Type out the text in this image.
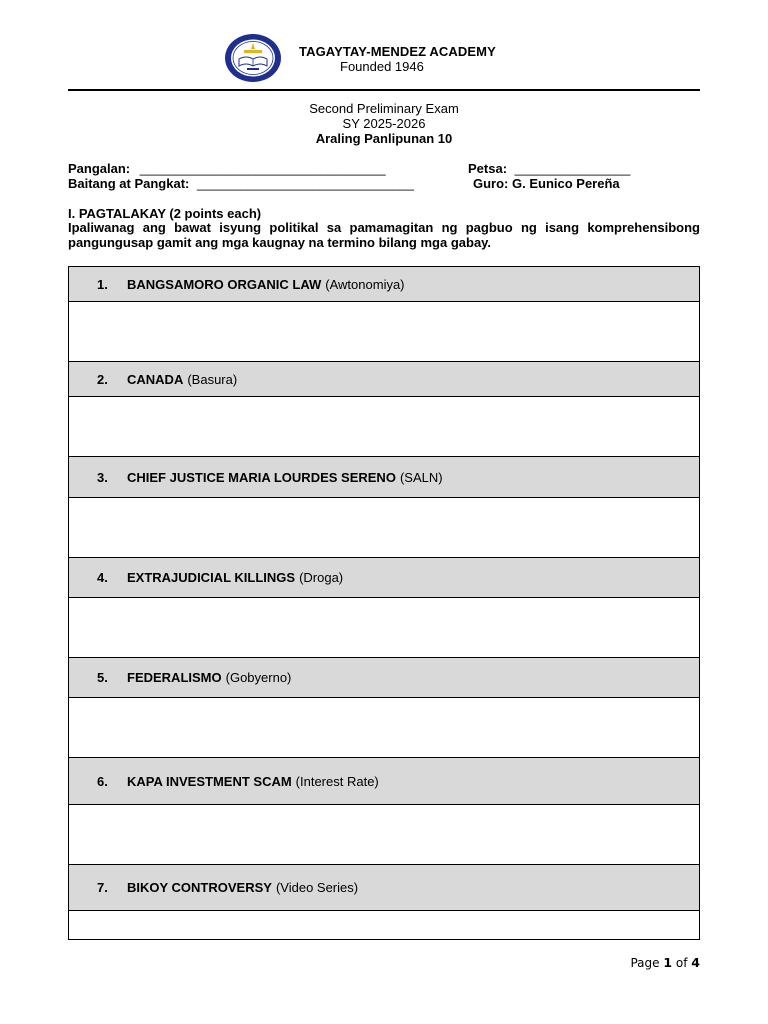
TAGAYTAY-MENDEZ ACADEMY
Founded 1946
Second Preliminary Exam
SY 2025-2026
Araling Panlipunan 10
Pangalan: __________________________________	Petsa: ________________
Baitang at Pangkat: ______________________________	Guro: G. Eunico Pereña
I. PAGTALAKAY (2 points each)
Ipaliwanag ang bawat isyung politikal sa pamamagitan ng pagbuo ng isang komprehensibong pangungusap gamit ang mga kaugnay na termino bilang mga gabay.
1.	BANGSAMORO ORGANIC LAW (Awtonomiya)
2.	CANADA (Basura)
3.	CHIEF JUSTICE MARIA LOURDES SERENO (SALN)
4.	EXTRAJUDICIAL KILLINGS (Droga)
5.	FEDERALISMO (Gobyerno)
6.	KAPA INVESTMENT SCAM (Interest Rate)
7.	BIKOY CONTROVERSY (Video Series)
Page 1 of 4
